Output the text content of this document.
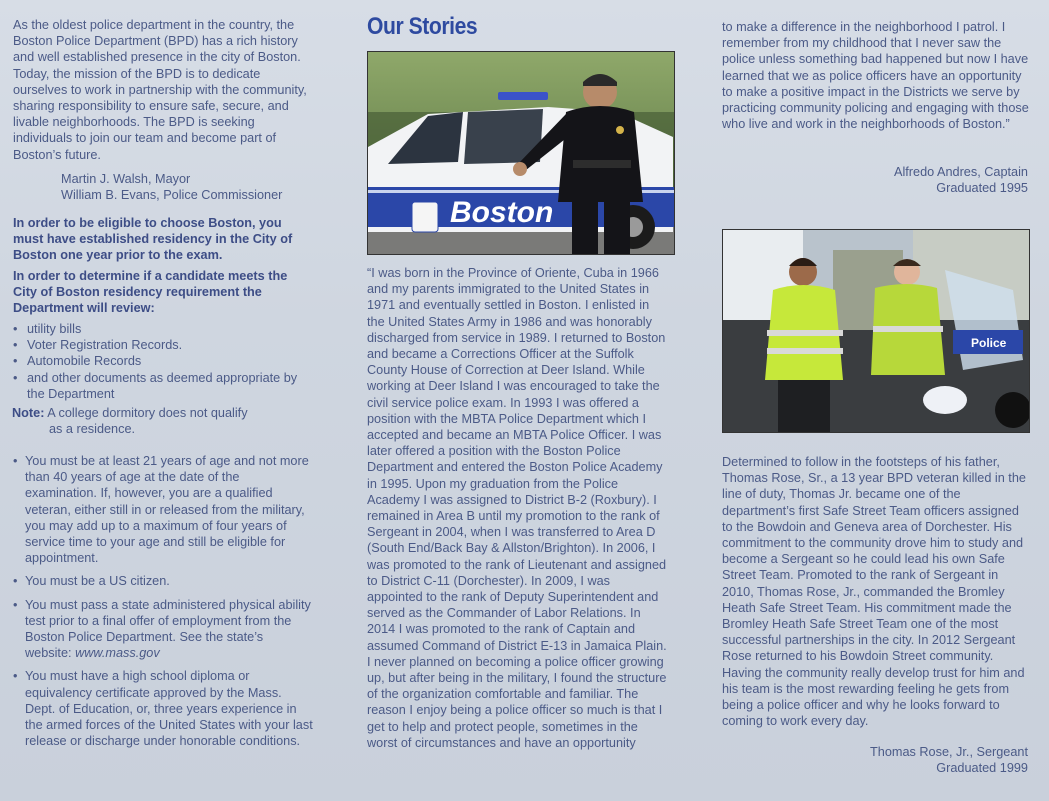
As the oldest police department in the country, the Boston Police Department (BPD) has a rich history and well established presence in the city of Boston. Today, the mission of the BPD is to dedicate ourselves to work in partnership with the community, sharing responsibility to ensure safe, secure, and livable neighborhoods. The BPD is seeking individuals to join our team and become part of Boston’s future.

Martin J. Walsh, Mayor
William B. Evans, Police Commissioner

In order to be eligible to choose Boston, you must have established residency in the City of Boston one year prior to the exam.

In order to determine if a candidate meets the City of Boston residency requirement the Department will review:

• utility bills
• Voter Registration Records.
• Automobile Records
• and other documents as deemed appropriate by the Department
Note: A college dormitory does not qualify
as a residence.
• You must be at least 21 years of age and not more than 40 years of age at the date of the examination. If, however, you are a qualified veteran, either still in or released from the military, you may add up to a maximum of four years of service time to your age and still be eligible for appointment.
• You must be a US citizen.
• You must pass a state administered physical ability test prior to a final offer of employment from the Boston Police Department. See the state’s website: www.mass.gov
• You must have a high school diploma or equivalency certificate approved by the Mass. Dept. of Education, or, three years experience in the armed forces of the United States with your last release or discharge under honorable conditions.
Our Stories
Boston

“I was born in the Province of Oriente, Cuba in 1966 and my parents immigrated to the United States in 1971 and eventually settled in Boston. I enlisted in the United States Army in 1986 and was honorably discharged from service in 1989. I returned to Boston and became a Corrections Officer at the Suffolk County House of Correction at Deer Island. While working at Deer Island I was encouraged to take the civil service police exam. In 1993 I was offered a position with the MBTA Police Department which I accepted and became an MBTA Police Officer. I was later offered a position with the Boston Police Department and entered the Boston Police Academy in 1995. Upon my graduation from the Police Academy I was assigned to District B-2 (Roxbury). I remained in Area B until my promotion to the rank of Sergeant in 2004, when I was transferred to Area D (South End/Back Bay & Allston/Brighton). In 2006, I was promoted to the rank of Lieutenant and assigned to District C-11 (Dorchester). In 2009, I was appointed to the rank of Deputy Superintendent and served as the Commander of Labor Relations. In 2014 I was promoted to the rank of Captain and assumed Command of District E-13 in Jamaica Plain. I never planned on becoming a police officer growing up, but after being in the military, I found the structure of the organization comfortable and familiar. The reason I enjoy being a police officer so much is that I get to help and protect people, sometimes in the worst of circumstances and have an opportunity

to make a difference in the neighborhood I patrol. I remember from my childhood that I never saw the police unless something bad happened but now I have learned that we as police officers have an opportunity to make a positive impact in the Districts we serve by practicing community policing and engaging with those who live and work in the neighborhoods of Boston.”

Alfredo Andres, Captain
Graduated 1995
Police

Determined to follow in the footsteps of his father, Thomas Rose, Sr., a 13 year BPD veteran killed in the line of duty, Thomas Jr. became one of the department’s first Safe Street Team officers assigned to the Bowdoin and Geneva area of Dorchester. His commitment to the community drove him to study and become a Sergeant so he could lead his own Safe Street Team. Promoted to the rank of Sergeant in 2010, Thomas Rose, Jr., commanded the Bromley Heath Safe Street Team. His commitment made the Bromley Heath Safe Street Team one of the most successful partnerships in the city. In 2012 Sergeant Rose returned to his Bowdoin Street community. Having the community really develop trust for him and his team is the most rewarding feeling he gets from being a police officer and why he looks forward to coming to work every day.

Thomas Rose, Jr., Sergeant
Graduated 1999
